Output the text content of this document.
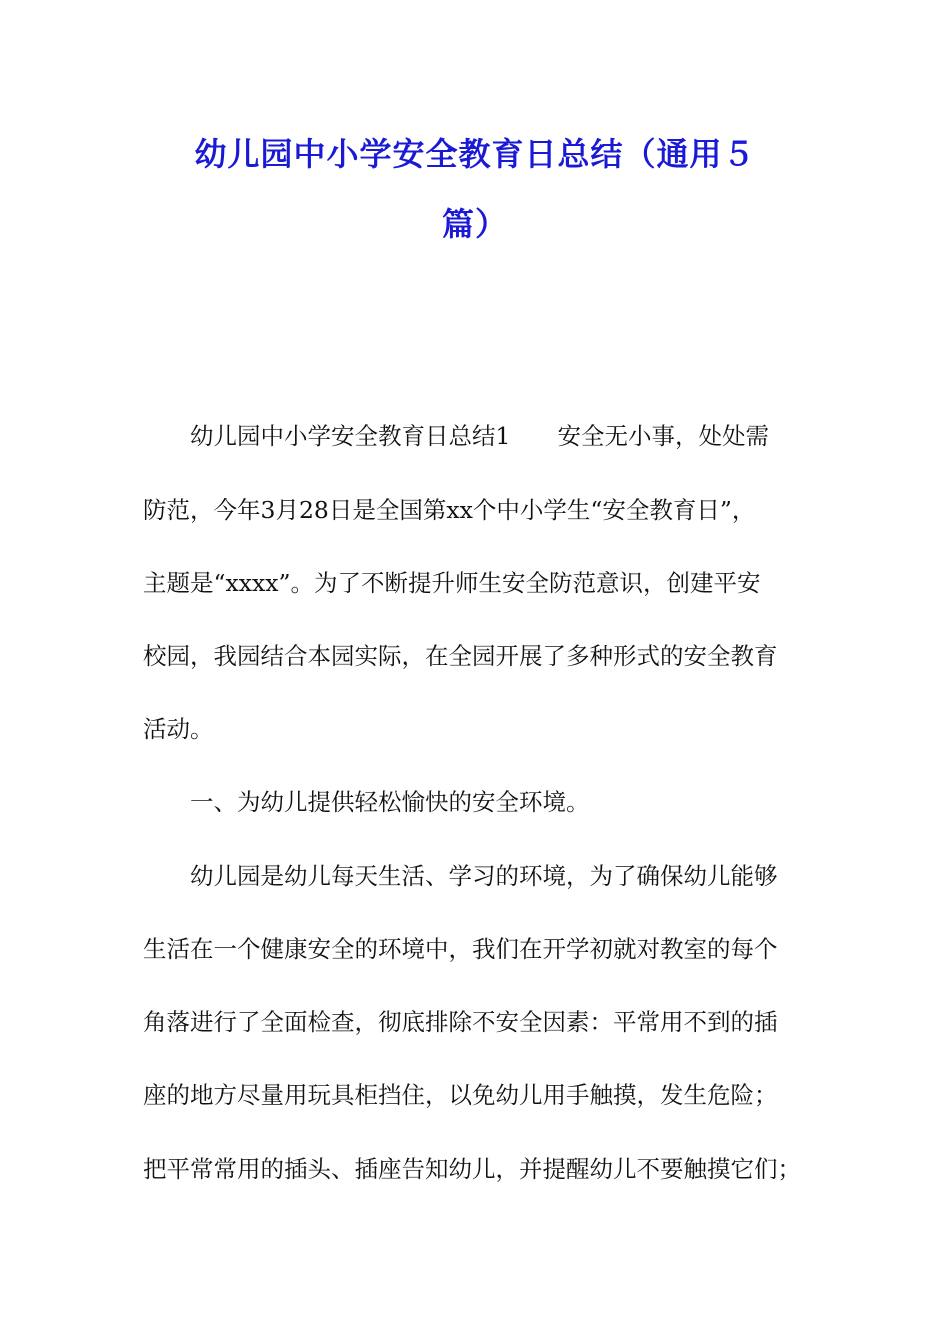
幼儿园中小学安全教育日总结（通用５
篇）
幼儿园中小学安全教育日总结1　　安全无小事，处处需
防范，今年3月28日是全国第xx个中小学生“安全教育日”，
主题是“xxxx”。为了不断提升师生安全防范意识，创建平安
校园，我园结合本园实际，在全园开展了多种形式的安全教育
活动。
一、为幼儿提供轻松愉快的安全环境。
幼儿园是幼儿每天生活、学习的环境，为了确保幼儿能够
生活在一个健康安全的环境中，我们在开学初就对教室的每个
角落进行了全面检查，彻底排除不安全因素：平常用不到的插
座的地方尽量用玩具柜挡住，以免幼儿用手触摸，发生危险；
把平常常用的插头、插座告知幼儿，并提醒幼儿不要触摸它们；
